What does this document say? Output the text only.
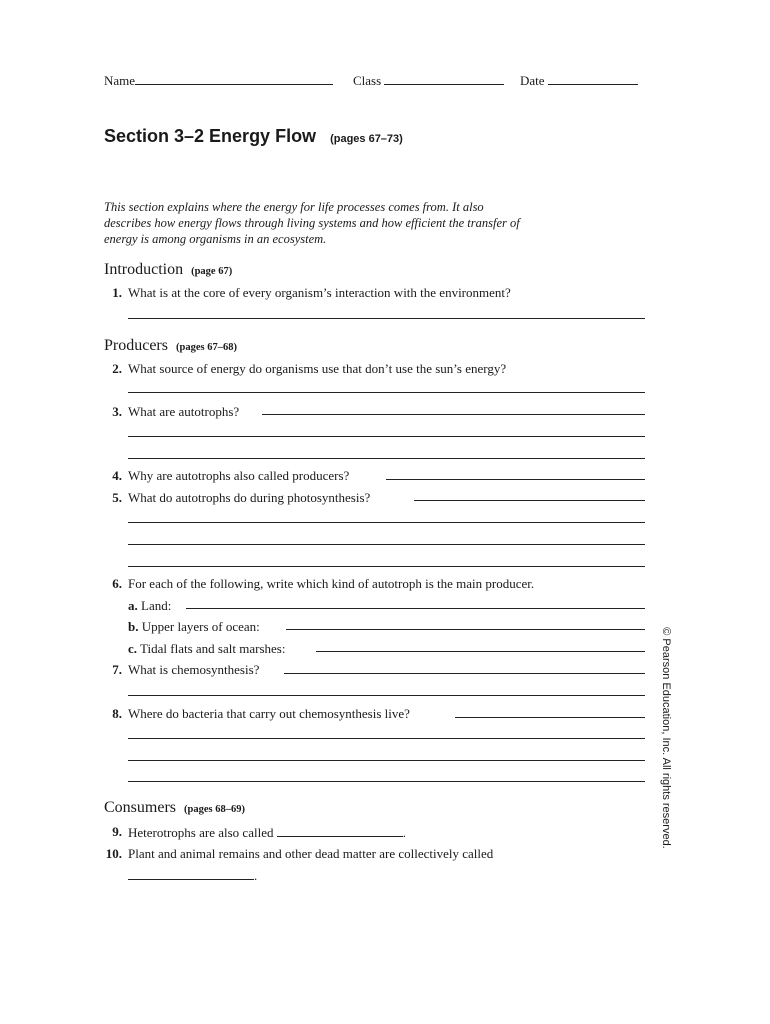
Name	Class	Date
Section 3–2 Energy Flow (pages 67–73)
This section explains where the energy for life processes comes from. It also describes how energy flows through living systems and how efficient the transfer of energy is among organisms in an ecosystem.
Introduction (page 67)
1. What is at the core of every organism’s interaction with the environment?
Producers (pages 67–68)
2. What source of energy do organisms use that don’t use the sun’s energy?
3. What are autotrophs?
4. Why are autotrophs also called producers?
5. What do autotrophs do during photosynthesis?
6. For each of the following, write which kind of autotroph is the main producer.
a. Land:
b. Upper layers of ocean:
c. Tidal flats and salt marshes:
7. What is chemosynthesis?
8. Where do bacteria that carry out chemosynthesis live?
Consumers (pages 68–69)
9. Heterotrophs are also called	.
10. Plant and animal remains and other dead matter are collectively called
.
© Pearson Education, Inc. All rights reserved.
